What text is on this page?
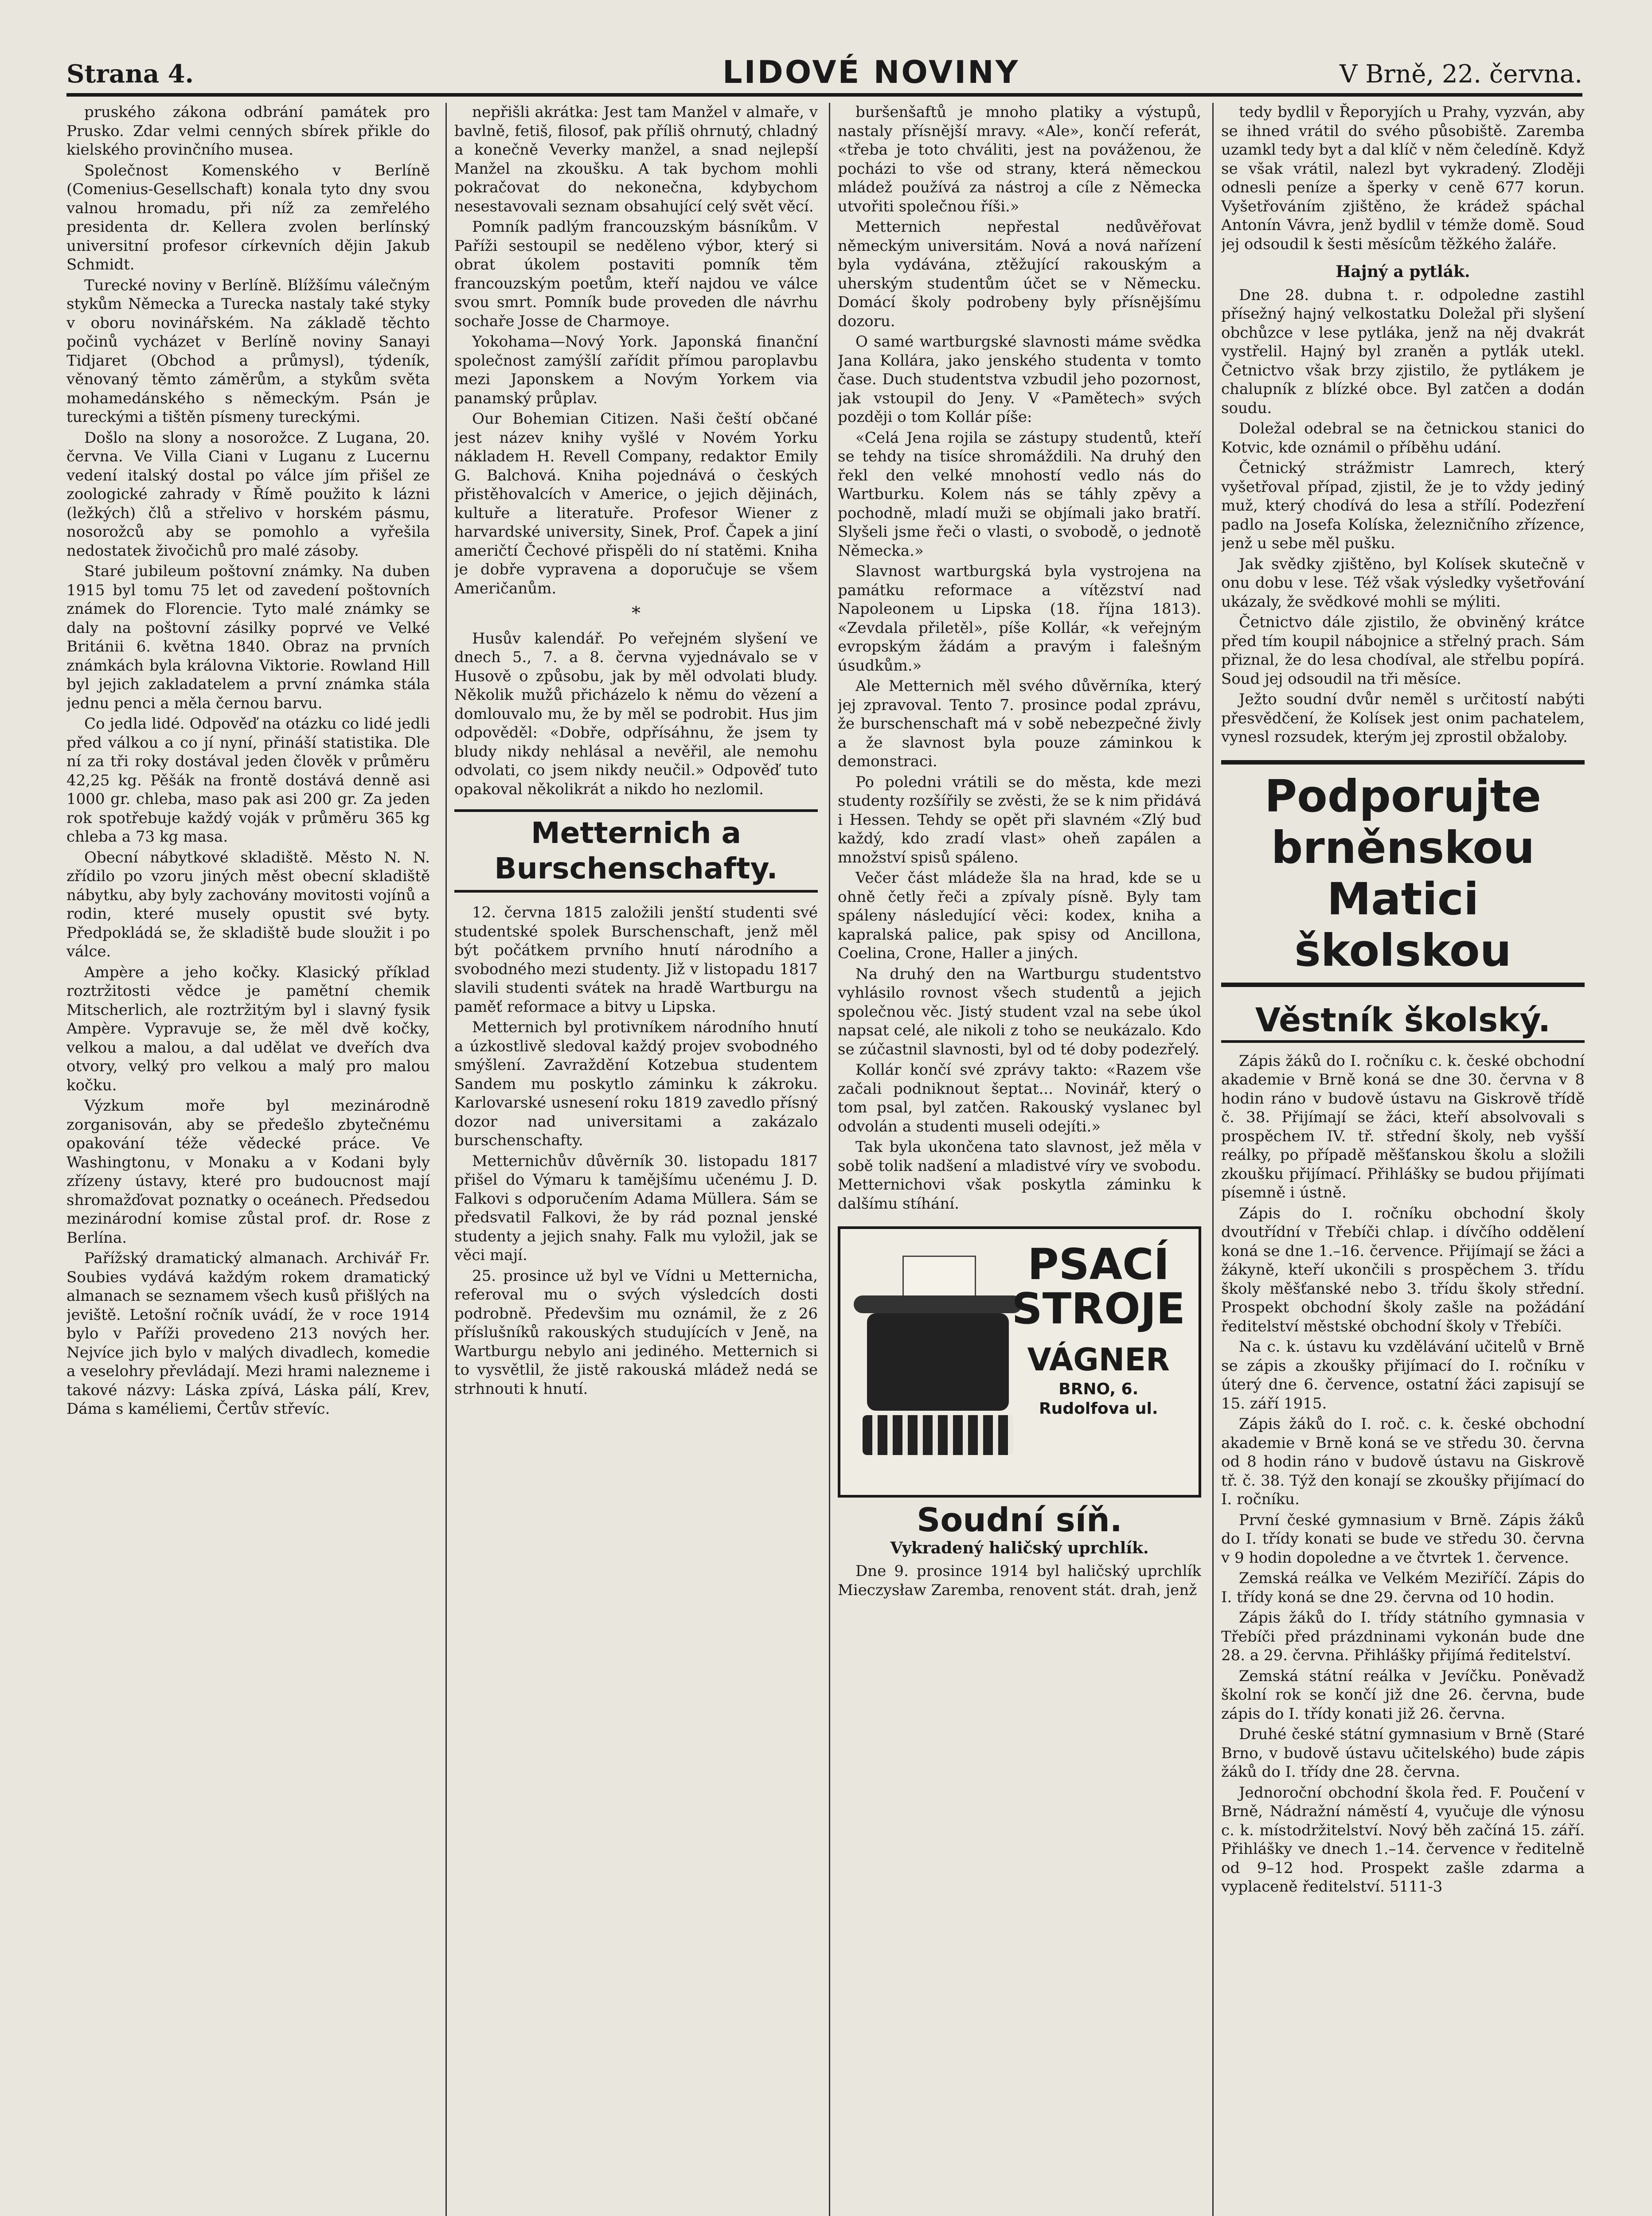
Strana 4.	LIDOVÉ NOVINY	V Brně, 22. června.

pruského zákona odbrání památek pro Prusko. Zdar velmi cenných sbírek přikle do kielského provinčního musea.

Společnost Komenského v Berlíně (Comenius-Gesellschaft) konala tyto dny svou valnou hromadu, při níž za zemřelého presidenta dr. Kellera zvolen berlínský universitní profesor církevních dějin Jakub Schmidt.

Turecké noviny v Berlíně. Blížšímu válečným stykům Německa a Turecka nastaly také styky v oboru novinářském. Na základě těchto počinů vycházet v Berlíně noviny Sanayi Tidjaret (Obchod a průmysl), týdeník, věnovaný těmto záměrům, a stykům světa mohamedánského s německým. Psán je tureckými a tištěn písmeny tureckými.

Došlo na slony a nosorožce. Z Lugana, 20. června. Ve Villa Ciani v Luganu z Lucernu vedení italský dostal po válce jím přišel ze zoologické zahrady v Římě použito k lázni (ležkých) člů a střelivo v horském pásmu, nosorožců aby se pomohlo a vyřešila nedostatek živočichů pro malé zásoby.

Staré jubileum poštovní známky. Na duben 1915 byl tomu 75 let od zavedení poštovních známek do Florencie. Tyto malé známky se daly na poštovní zásilky poprvé ve Velké Británii 6. května 1840. Obraz na prvních známkách byla královna Viktorie. Rowland Hill byl jejich zakladatelem a první známka stála jednu penci a měla černou barvu.

Co jedla lidé. Odpověď na otázku co lidé jedli před válkou a co jí nyní, přináší statistika. Dle ní za tři roky dostával jeden člověk v průměru 42,25 kg. Pěšák na frontě dostává denně asi 1000 gr. chleba, maso pak asi 200 gr. Za jeden rok spotřebuje každý voják v průměru 365 kg chleba a 73 kg masa.

Obecní nábytkové skladiště. Město N. N. zřídilo po vzoru jiných měst obecní skladiště nábytku, aby byly zachovány movitosti vojínů a rodin, které musely opustit své byty. Předpokládá se, že skladiště bude sloužit i po válce.

Ampère a jeho kočky. Klasický příklad roztržitosti vědce je pamětní chemik Mitscherlich, ale roztržitým byl i slavný fysik Ampère. Vypravuje se, že měl dvě kočky, velkou a malou, a dal udělat ve dveřích dva otvory, velký pro velkou a malý pro malou kočku.

Výzkum moře byl mezinárodně zorganisován, aby se předešlo zbytečnému opakování téže vědecké práce. Ve Washingtonu, v Monaku a v Kodani byly zřízeny ústavy, které pro budoucnost mají shromažďovat poznatky o oceánech. Předsedou mezinárodní komise zůstal prof. dr. Rose z Berlína.

Pařížský dramatický almanach. Archivář Fr. Soubies vydává každým rokem dramatický almanach se seznamem všech kusů přišlých na jeviště. Letošní ročník uvádí, že v roce 1914 bylo v Paříži provedeno 213 nových her. Nejvíce jich bylo v malých divadlech, komedie a veselohry převládají. Mezi hrami nalezneme i takové názvy: Láska zpívá, Láska pálí, Krev, Dáma s kaméliemi, Čertův střevíc.

nepřišli akrátka: Jest tam Manžel v almaře, v bavlně, fetiš, filosof, pak příliš ohrnutý, chladný a konečně Veverky manžel, a snad nejlepší Manžel na zkoušku. A tak bychom mohli pokračovat do nekonečna, kdybychom nesestavovali seznam obsahující celý svět věcí.

Pomník padlým francouzským básníkům. V Paříži sestoupil se neděleno výbor, který si obrat úkolem postaviti pomník těm francouzským poetům, kteří najdou ve válce svou smrt. Pomník bude proveden dle návrhu sochaře Josse de Charmoye.

Yokohama—Nový York. Japonská finanční společnost zamýšlí zařídit přímou paroplavbu mezi Japonskem a Novým Yorkem via panamský průplav.

Our Bohemian Citizen. Naši čeští občané jest název knihy vyšlé v Novém Yorku nákladem H. Revell Company, redaktor Emily G. Balchová. Kniha pojednává o českých přistěhovalcích v Americe, o jejich dějinách, kultuře a literatuře. Profesor Wiener z harvardské university, Sinek, Prof. Čapek a jiní američtí Čechové přispěli do ní statěmi. Kniha je dobře vypravena a doporučuje se všem Američanům.

*

Husův kalendář. Po veřejném slyšení ve dnech 5., 7. a 8. června vyjednávalo se v Husově o způsobu, jak by měl odvolati bludy. Několik mužů přicházelo k němu do vězení a domlouvalo mu, že by měl se podrobit. Hus jim odpověděl: «Dobře, odpřísáhnu, že jsem ty bludy nikdy nehlásal a nevěřil, ale nemohu odvolati, co jsem nikdy neučil.» Odpověď tuto opakoval několikrát a nikdo ho nezlomil.

Metternich a Burschenschafty.

12. června 1815 založili jenští studenti své studentské spolek Burschenschaft, jenž měl být počátkem prvního hnutí národního a svobodného mezi studenty. Již v listopadu 1817 slavili studenti svátek na hradě Wartburgu na paměť reformace a bitvy u Lipska.

Metternich byl protivníkem národního hnutí a úzkostlivě sledoval každý projev svobodného smýšlení. Zavraždění Kotzebua studentem Sandem mu poskytlo záminku k zákroku. Karlovarské usnesení roku 1819 zavedlo přísný dozor nad universitami a zakázalo burschenschafty.

Metternichův důvěrník 30. listopadu 1817 přišel do Výmaru k tamějšímu učenému J. D. Falkovi s odporučením Adama Müllera. Sám se předsvatil Falkovi, že by rád poznal jenské studenty a jejich snahy. Falk mu vyložil, jak se věci mají.

25. prosince už byl ve Vídni u Metternicha, referoval mu o svých výsledcích dosti podrobně. Předevšim mu oznámil, že z 26 příslušníků rakouských studujících v Jeně, na Wartburgu nebylo ani jediného. Metternich si to vysvětlil, že jistě rakouská mládež nedá se strhnouti k hnutí.

buršenšaftů je mnoho platiky a výstupů, nastaly přísnější mravy. «Ale», končí referát, «třeba je toto chváliti, jest na pováženou, že pocházi to vše od strany, která německou mládež používá za nástroj a cíle z Německa utvořiti společnou říši.»

Metternich nepřestal nedůvěřovat německým universitám. Nová a nová nařízení byla vydávána, ztěžující rakouským a uherským studentům účet se v Německu. Domácí školy podrobeny byly přísnějšímu dozoru.

O samé wartburgské slavnosti máme svědka Jana Kollára, jako jenského studenta v tomto čase. Duch studentstva vzbudil jeho pozornost, jak vstoupil do Jeny. V «Pamětech» svých později o tom Kollár píše:

«Celá Jena rojila se zástupy studentů, kteří se tehdy na tisíce shromáždili. Na druhý den řekl den velké mnohostí vedlo nás do Wartburku. Kolem nás se táhly zpěvy a pochodně, mladí muži se objímali jako bratří. Slyšeli jsme řeči o vlasti, o svobodě, o jednotě Německa.»

Slavnost wartburgská byla vystrojena na památku reformace a vítězství nad Napoleonem u Lipska (18. října 1813). «Zevdala přiletěl», píše Kollár, «k veřejným evropským žádám a pravým i falešným úsudkům.»

Ale Metternich měl svého důvěrníka, který jej zpravoval. Tento 7. prosince podal zprávu, že burschenschaft má v sobě nebezpečné živly a že slavnost byla pouze záminkou k demonstraci.

Po poledni vrátili se do města, kde mezi studenty rozšířily se zvěsti, že se k nim přidává i Hessen. Tehdy se opět při slavném «Zlý buď každý, kdo zradí vlast» oheň zapálen a množství spisů spáleno.

Večer část mládeže šla na hrad, kde se u ohně četly řeči a zpívaly písně. Byly tam spáleny následující věci: kodex, kniha a kapralská palice, pak spisy od Ancillona, Coelina, Crone, Haller a jiných.

Na druhý den na Wartburgu studentstvo vyhlásilo rovnost všech studentů a jejich společnou věc. Jistý student vzal na sebe úkol napsat celé, ale nikoli z toho se neukázalo. Kdo se zúčastnil slavnosti, byl od té doby podezřelý.

Kollár končí své zprávy takto: «Razem vše začali podniknout šeptat... Novinář, který o tom psal, byl zatčen. Rakouský vyslanec byl odvolán a studenti museli odejíti.»

Tak byla ukončena tato slavnost, jež měla v sobě tolik nadšení a mladistvé víry ve svobodu. Metternichovi však poskytla záminku k dalšímu stíhání.

PSACÍ
STROJE
VÁGNER
BRNO, 6.
Rudolfova ul.
Soudní síň.
Vykradený haličský uprchlík.

Dne 9. prosince 1914 byl haličský uprchlík Mieczysław Zaremba, renovent stát. drah, jenž

tedy bydlil v Řeporyjích u Prahy, vyzván, aby se ihned vrátil do svého působiště. Zaremba uzamkl tedy byt a dal klíč v něm čeledíně. Když se však vrátil, nalezl byt vykradený. Zloději odnesli peníze a šperky v ceně 677 korun. Vyšetřováním zjištěno, že krádež spáchal Antonín Vávra, jenž bydlil v témže domě. Soud jej odsoudil k šesti měsícům těžkého žaláře.

Hajný a pytlák.

Dne 28. dubna t. r. odpoledne zastihl přísežný hajný velkostatku Doležal při slyšení obchůzce v lese pytláka, jenž na něj dvakrát vystřelil. Hajný byl zraněn a pytlák utekl. Četnictvo však brzy zjistilo, že pytlákem je chalupník z blízké obce. Byl zatčen a dodán soudu.

Doležal odebral se na četnickou stanici do Kotvic, kde oznámil o příběhu udání.

Četnický strážmistr Lamrech, který vyšetřoval případ, zjistil, že je to vždy jediný muž, který chodívá do lesa a střílí. Podezření padlo na Josefa Kolíska, železničního zřízence, jenž u sebe měl pušku.

Jak svědky zjištěno, byl Kolísek skutečně v onu dobu v lese. Též však výsledky vyšetřování ukázaly, že svědkové mohli se mýliti.

Četnictvo dále zjistilo, že obviněný krátce před tím koupil nábojnice a střelný prach. Sám přiznal, že do lesa chodíval, ale střelbu popírá. Soud jej odsoudil na tři měsíce.

Ježto soudní dvůr neměl s určitostí nabýti přesvědčení, že Kolísek jest onim pachatelem, vynesl rozsudek, kterým jej zprostil obžaloby.

Podporujte brněnskou Matici školskou
Věstník školský.

Zápis žáků do I. ročníku c. k. české obchodní akademie v Brně koná se dne 30. června v 8 hodin ráno v budově ústavu na Giskrově třídě č. 38. Přijímají se žáci, kteří absolvovali s prospěchem IV. tř. střední školy, neb vyšší reálky, po případě měšťanskou školu a složili zkoušku přijímací. Přihlášky se budou přijímati písemně i ústně.

Zápis do I. ročníku obchodní školy dvoutřídní v Třebíči chlap. i dívčího oddělení koná se dne 1.–16. července. Přijímají se žáci a žákyně, kteří ukončili s prospěchem 3. třídu školy měšťanské nebo 3. třídu školy střední. Prospekt obchodní školy zašle na požádání ředitelství městské obchodní školy v Třebíči.

Na c. k. ústavu ku vzdělávání učitelů v Brně se zápis a zkoušky přijímací do I. ročníku v úterý dne 6. července, ostatní žáci zapisují se 15. září 1915.

Zápis žáků do I. roč. c. k. české obchodní akademie v Brně koná se ve středu 30. června od 8 hodin ráno v budově ústavu na Giskrově tř. č. 38. Týž den konají se zkoušky přijímací do I. ročníku.

První české gymnasium v Brně. Zápis žáků do I. třídy konati se bude ve středu 30. června v 9 hodin dopoledne a ve čtvrtek 1. července.

Zemská reálka ve Velkém Meziříčí. Zápis do I. třídy koná se dne 29. června od 10 hodin.

Zápis žáků do I. třídy státního gymnasia v Třebíči před prázdninami vykonán bude dne 28. a 29. června. Přihlášky přijímá ředitelství.

Zemská státní reálka v Jevíčku. Poněvadž školní rok se končí již dne 26. června, bude zápis do I. třídy konati již 26. června.

Druhé české státní gymnasium v Brně (Staré Brno, v budově ústavu učitelského) bude zápis žáků do I. třídy dne 28. června.

Jednoroční obchodní škola řed. F. Poučení v Brně, Nádražní náměstí 4, vyučuje dle výnosu c. k. místodržitelství. Nový běh začíná 15. září. Přihlášky ve dnech 1.–14. července v ředitelně od 9–12 hod. Prospekt zašle zdarma a vyplaceně ředitelství. 5111-3
